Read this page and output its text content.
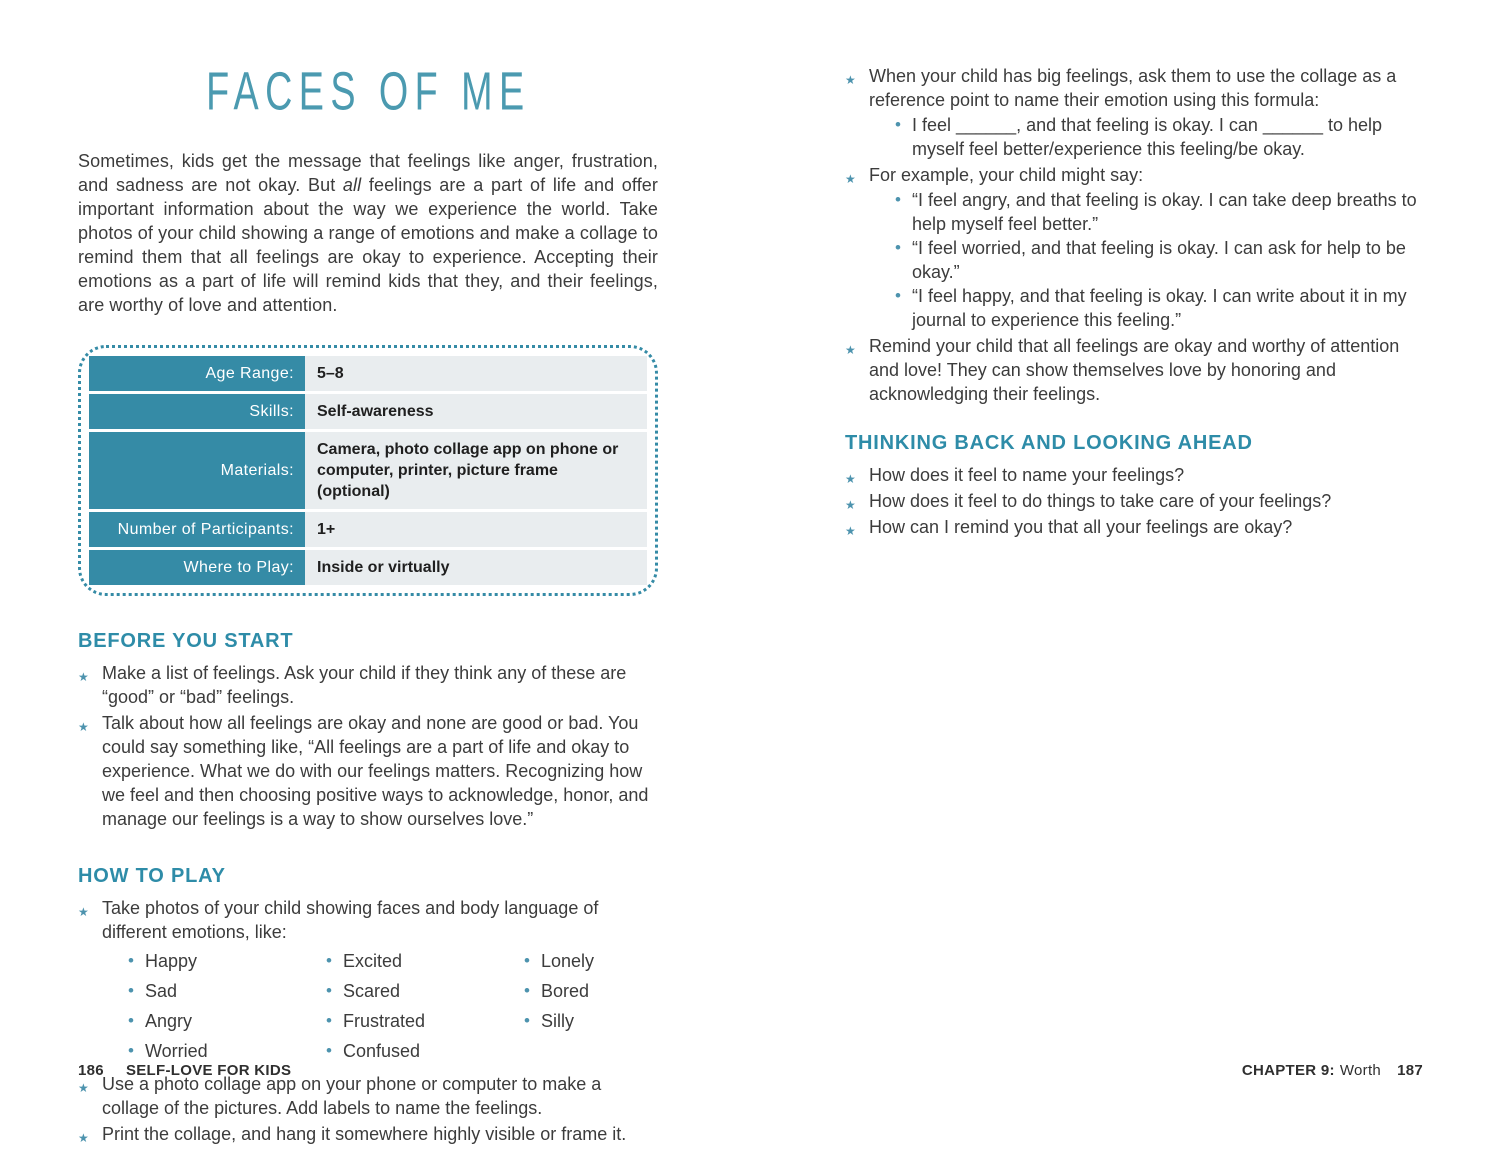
FACES OF ME

Sometimes, kids get the message that feelings like anger, frustration, and sadness are not okay. But all feelings are a part of life and offer important information about the way we experience the world. Take photos of your child showing a range of emotions and make a collage to remind them that all feelings are okay to experience. Accepting their emotions as a part of life will remind kids that they, and their feelings, are worthy of love and attention.

Age Range:	5–8
Skills:	Self-awareness
Materials:
Camera, photo collage app on phone or computer, printer, picture frame (optional)
Number of Participants:	1+
Where to Play:	Inside or virtually
BEFORE YOU START
★ Make a list of feelings. Ask your child if they think any of these are “good” or “bad” feelings.
★ Talk about how all feelings are okay and none are good or bad. You could say something like, “All feelings are a part of life and okay to experience. What we do with our feelings matters. Recognizing how we feel and then choosing positive ways to acknowledge, honor, and manage our feelings is a way to show ourselves love.”
HOW TO PLAY
★ Take photos of your child showing faces and body language of different emotions, like:
• Happy
• Sad
• Angry
• Worried
• Excited
• Scared
• Frustrated
• Confused
• Lonely
• Bored
• Silly
★ Use a photo collage app on your phone or computer to make a collage of the pictures. Add labels to name the feelings.
★ Print the collage, and hang it somewhere highly visible or frame it.
★ When your child has big feelings, ask them to use the collage as a reference point to name their emotion using this formula:
• I feel ______, and that feeling is okay. I can ______ to help myself feel better/experience this feeling/be okay.
★ For example, your child might say:
• “I feel angry, and that feeling is okay. I can take deep breaths to help myself feel better.”
• “I feel worried, and that feeling is okay. I can ask for help to be okay.”
• “I feel happy, and that feeling is okay. I can write about it in my journal to experience this feeling.”
★ Remind your child that all feelings are okay and worthy of attention and love! They can show themselves love by honoring and acknowledging their feelings.
THINKING BACK AND LOOKING AHEAD
★ How does it feel to name your feelings?
★ How does it feel to do things to take care of your feelings?
★ How can I remind you that all your feelings are okay?
186 SELF-LOVE FOR KIDS	CHAPTER 9: Worth 187
